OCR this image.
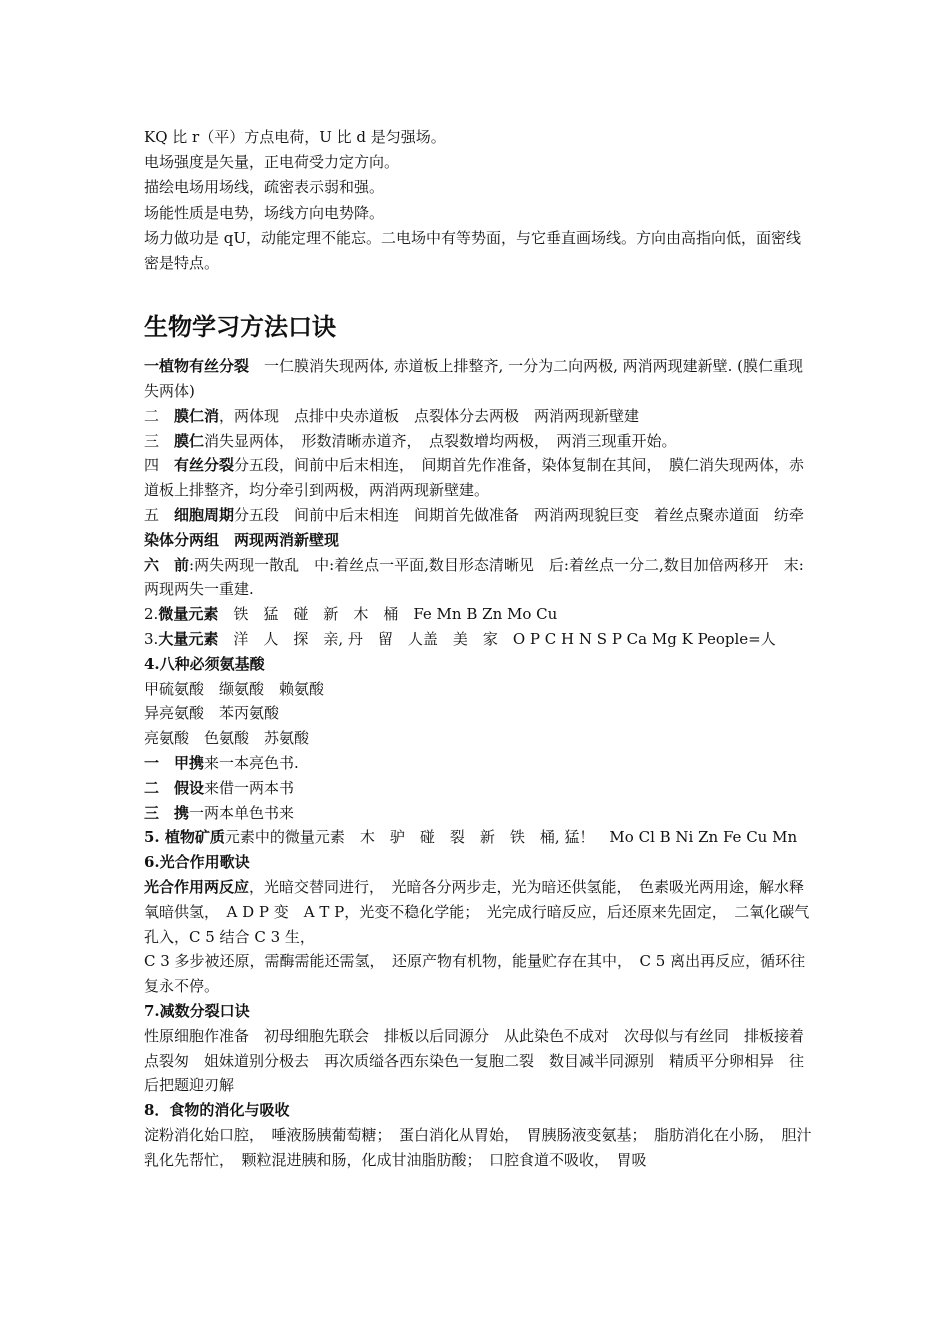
KQ 比 r（平）方点电荷，U 比 d 是匀强场。

电场强度是矢量，正电荷受力定方向。

描绘电场用场线，疏密表示弱和强。

场能性质是电势，场线方向电势降。

场力做功是 qU，动能定理不能忘。二电场中有等势面，与它垂直画场线。方向由高指向低，面密线密是特点。

生物学习方法口诀

一植物有丝分裂　一仁膜消失现两体, 赤道板上排整齐, 一分为二向两极, 两消两现建新壁. (膜仁重现失两体)

二　膜仁消，两体现　点排中央赤道板　点裂体分去两极　两消两现新壁建

三　膜仁消失显两体，　形数清晰赤道齐，　点裂数增均两极，　两消三现重开始。

四　有丝分裂分五段，间前中后末相连，　间期首先作准备，染体复制在其间，　膜仁消失现两体，赤道板上排整齐，均分牵引到两极，两消两现新壁建。

五　细胞周期分五段　间前中后末相连　间期首先做准备　两消两现貌巨变　着丝点聚赤道面　纺牵染体分两组　两现两消新壁现

六　前:两失两现一散乱　中:着丝点一平面,数目形态清晰见　后:着丝点一分二,数目加倍两移开　末:两现两失一重建.

2.微量元素　铁　猛　碰　新　木　桶　Fe Mn B Zn Mo Cu

3.大量元素　洋　人　探　亲, 丹　留　人盖　美　家　O P C H N S P Ca Mg K People=人

4.八种必须氨基酸

甲硫氨酸　缬氨酸　赖氨酸

异亮氨酸　苯丙氨酸

亮氨酸　色氨酸　苏氨酸

一　甲携来一本亮色书.

二　假设来借一两本书

三　携一两本单色书来

5. 植物矿质元素中的微量元素　木　驴　碰　裂　新　铁　桶, 猛！　Mo Cl B Ni Zn Fe Cu Mn

6.光合作用歌诀

光合作用两反应，光暗交替同进行，　光暗各分两步走，光为暗还供氢能，　色素吸光两用途，解水释氧暗供氢，　A D P 变　A T P，光变不稳化学能；　光完成行暗反应，后还原来先固定，　二氧化碳气孔入，C 5 结合 C 3 生，

C 3 多步被还原，需酶需能还需氢，　还原产物有机物，能量贮存在其中，　C 5 离出再反应，循环往复永不停。

7.减数分裂口诀

性原细胞作准备　初母细胞先联会　排板以后同源分　从此染色不成对　次母似与有丝同　排板接着点裂匆　姐妹道别分极去　再次质缢各西东染色一复胞二裂　数目减半同源别　精质平分卵相异　往后把题迎刃解

8．食物的消化与吸收

淀粉消化始口腔，　唾液肠胰葡萄糖；　蛋白消化从胃始，　胃胰肠液变氨基；　脂肪消化在小肠，　胆汁乳化先帮忙，　颗粒混进胰和肠，化成甘油脂肪酸；　口腔食道不吸收，　胃吸
